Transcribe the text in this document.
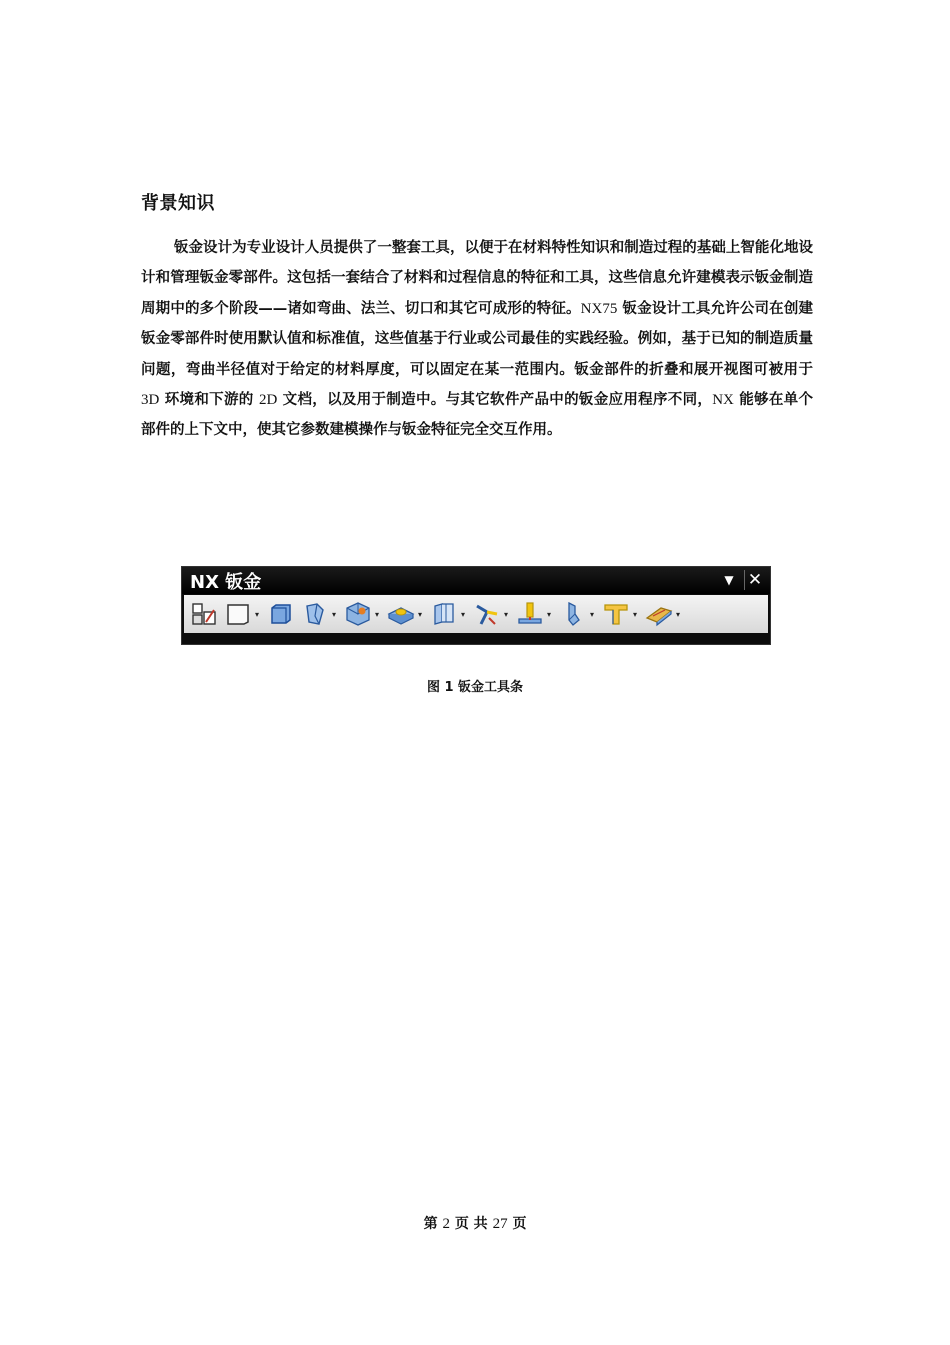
背景知识

钣金设计为专业设计人员提供了一整套工具，以便于在材料特性知识和制造过程的基础上智能化地设计和管理钣金零部件。这包括一套结合了材料和过程信息的特征和工具，这些信息允许建模表示钣金制造周期中的多个阶段——诸如弯曲、法兰、切口和其它可成形的特征。NX75 钣金设计工具允许公司在创建钣金零部件时使用默认值和标准值，这些值基于行业或公司最佳的实践经验。例如，基于已知的制造质量问题，弯曲半径值对于给定的材料厚度，可以固定在某一范围内。钣金部件的折叠和展开视图可被用于 3D 环境和下游的 2D 文档，以及用于制造中。与其它软件产品中的钣金应用程序不同，NX 能够在单个部件的上下文中，使其它参数建模操作与钣金特征完全交互作用。

NX 钣金	▼ ✕
▾	▾	▾	▾	▾	▾	▾	▾	▾	▾

图 1 钣金工具条

第 2 页 共 27 页
